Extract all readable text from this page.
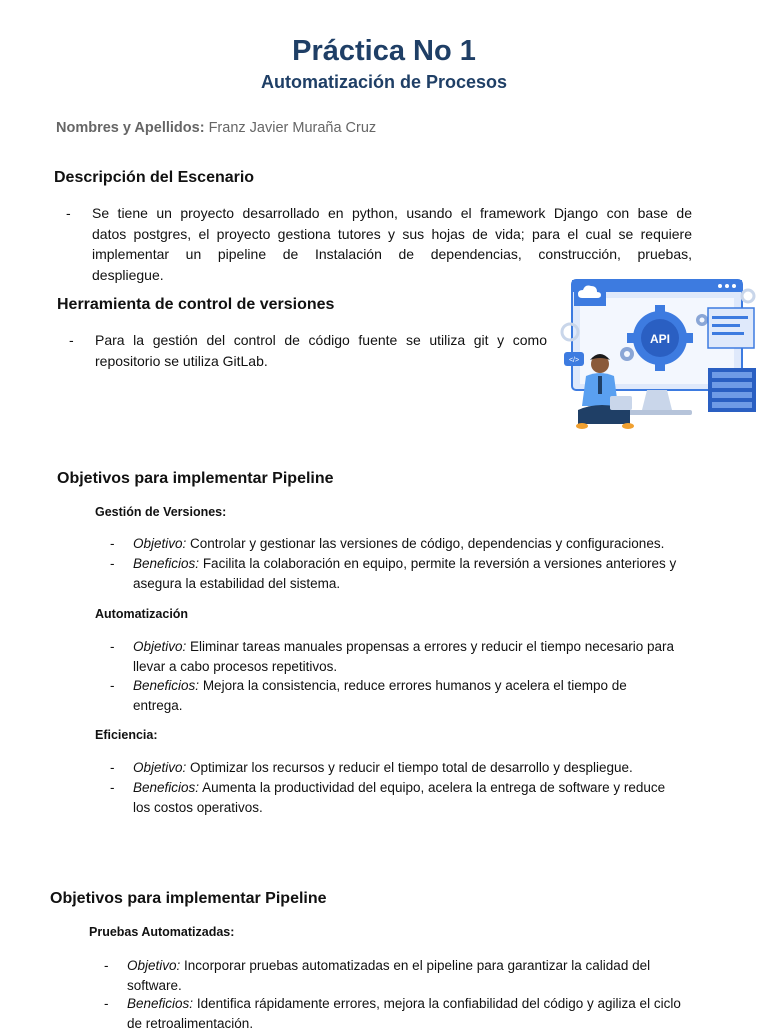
Práctica No 1
Automatización de Procesos
Nombres y Apellidos: Franz Javier Muraña Cruz
Descripción del Escenario
- Se tiene un proyecto desarrollado en python, usando el framework Django con base de
datos postgres, el proyecto gestiona tutores y sus hojas de vida; para el cual se requiere
implementar un pipeline de Instalación de dependencias, construcción, pruebas,
despliegue.
Herramienta de control de versiones
- Para la gestión del control de código fuente se utiliza git y como
repositorio se utiliza GitLab.
API
</>
Objetivos para implementar Pipeline
Gestión de Versiones:
- Objetivo: Controlar y gestionar las versiones de código, dependencias y configuraciones.
- Beneficios: Facilita la colaboración en equipo, permite la reversión a versiones anteriores y
asegura la estabilidad del sistema.
Automatización
- Objetivo: Eliminar tareas manuales propensas a errores y reducir el tiempo necesario para
llevar a cabo procesos repetitivos.
- Beneficios: Mejora la consistencia, reduce errores humanos y acelera el tiempo de
entrega.
Eficiencia:
- Objetivo: Optimizar los recursos y reducir el tiempo total de desarrollo y despliegue.
- Beneficios: Aumenta la productividad del equipo, acelera la entrega de software y reduce
los costos operativos.
Objetivos para implementar Pipeline
Pruebas Automatizadas:
- Objetivo: Incorporar pruebas automatizadas en el pipeline para garantizar la calidad del
software.
- Beneficios: Identifica rápidamente errores, mejora la confiabilidad del código y agiliza el ciclo
de retroalimentación.
